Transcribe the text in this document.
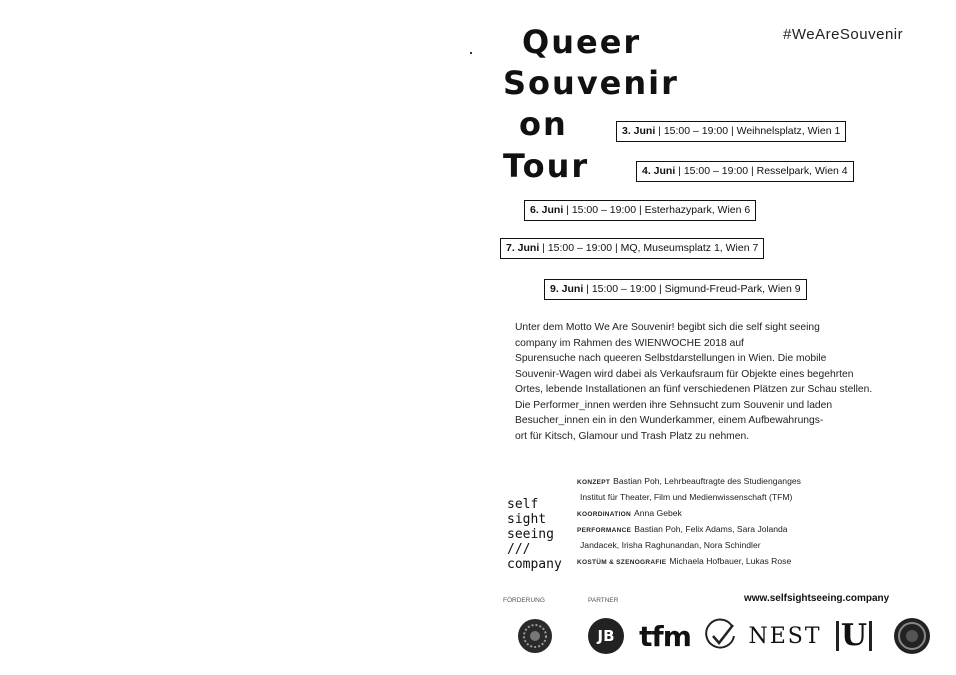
Queer
Souvenir
on
Tour
#WeAreSouvenir
3. Juni | 15:00 – 19:00 | Weihnelsplatz, Wien 1
4. Juni | 15:00 – 19:00 | Resselpark, Wien 4
6. Juni | 15:00 – 19:00 | Esterhazypark, Wien 6
7. Juni | 15:00 – 19:00 | MQ, Museumsplatz 1, Wien 7
9. Juni | 15:00 – 19:00 | Sigmund-Freud-Park, Wien 9
Unter dem Motto We Are Souvenir! begibt sich die self sight seeing
company im Rahmen des WIENWOCHE 2018 auf
Spurensuche nach queeren Selbstdarstellungen in Wien. Die mobile
Souvenir-Wagen wird dabei als Verkaufsraum für Objekte eines begehrten
Ortes, lebende Installationen an fünf verschiedenen Plätzen zur Schau stellen.
Die Performer_innen werden ihre Sehnsucht zum Souvenir und laden
Besucher_innen ein in den Wunderkammer, einem Aufbewahrungs-
ort für Kitsch, Glamour und Trash Platz zu nehmen.
self
sight
seeing
///
company
KONZEPT Bastian Poh, Lehrbeauftragte des Studienganges
Institut für Theater, Film und Medienwissenschaft (TFM)
KOORDINATION Anna Gebek
PERFORMANCE Bastian Poh, Felix Adams, Sara Jolanda
Jandacek, Irisha Raghunandan, Nora Schindler
KOSTÜM & SZENOGRAFIE Michaela Hofbauer, Lukas Rose
FÖRDERUNG	PARTNER	www.selfsightseeing.company
JB tfm	NEST U
